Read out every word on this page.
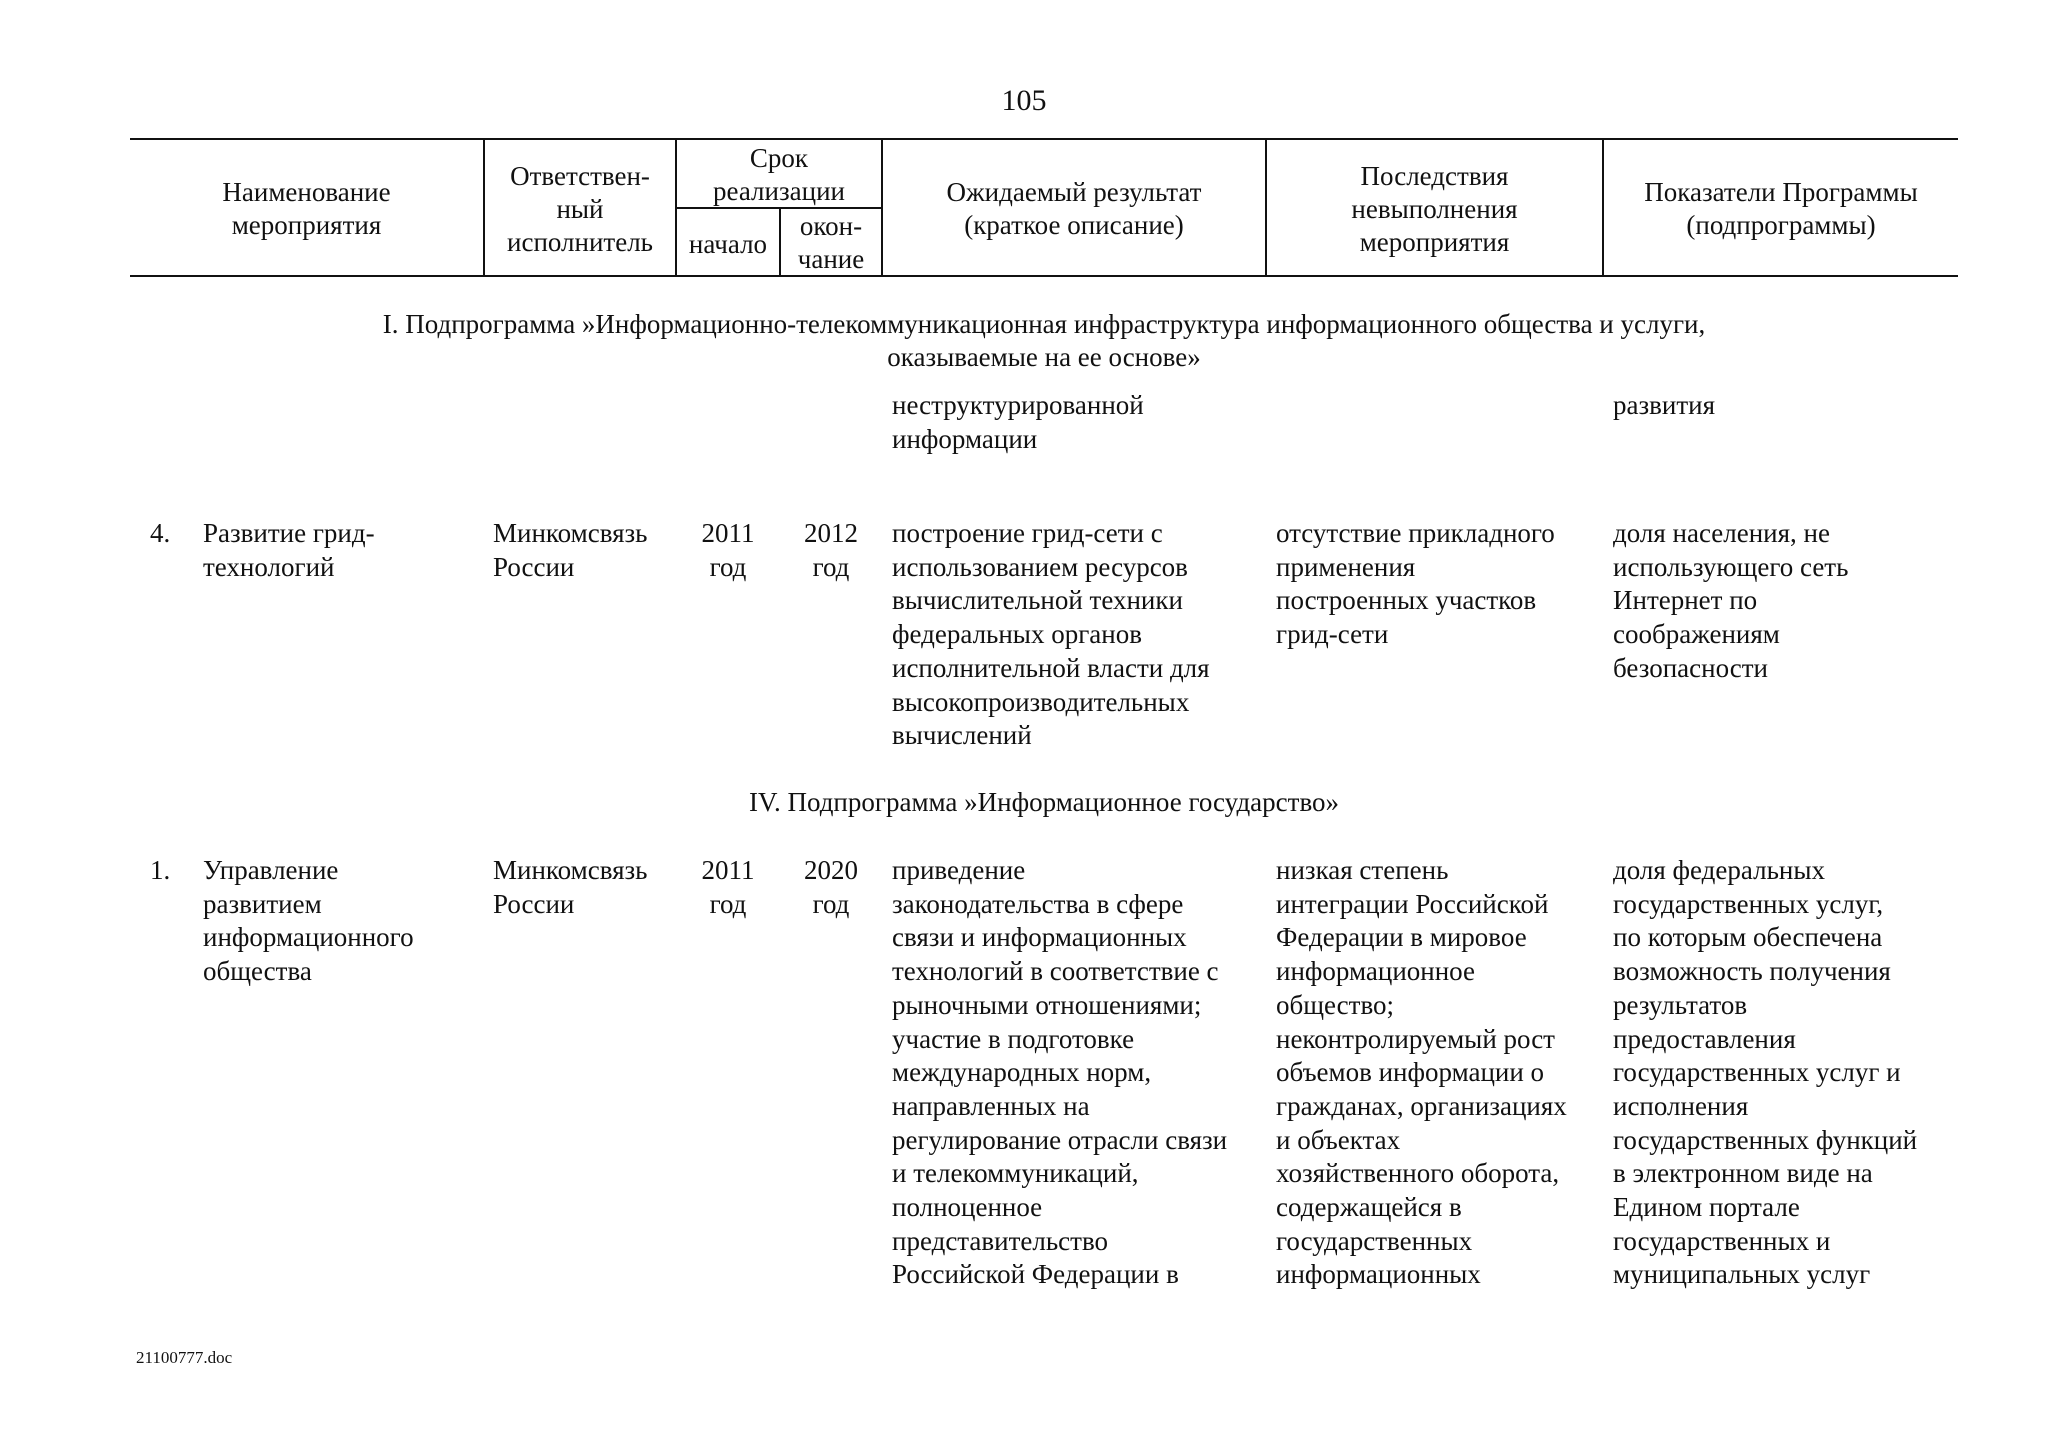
105
Наименование
мероприятия
Ответствен-
ный
исполнитель
Срок
реализации
начало
окон-
чание
Ожидаемый результат
(краткое описание)
Последствия
невыполнения
мероприятия
Показатели Программы
(подпрограммы)
I. Подпрограмма »Информационно-телекоммуникационная инфраструктура информационного общества и услуги,
оказываемые на ее основе»
неструктурированной
информации
развития
4. Развитие грид-
технологий
Минкомсвязь
России
2011
год
2012
год
построение грид-сети с
использованием ресурсов
вычислительной техники
федеральных органов
исполнительной власти для
высокопроизводительных
вычислений
отсутствие прикладного
применения
построенных участков
грид-сети
доля населения, не
использующего сеть
Интернет по
соображениям
безопасности
IV. Подпрограмма »Информационное государство»
1. Управление
развитием
информационного
общества
Минкомсвязь
России
2011
год
2020
год
приведение
законодательства в сфере
связи и информационных
технологий в соответствие с
рыночными отношениями;
участие в подготовке
международных норм,
направленных на
регулирование отрасли связи
и телекоммуникаций,
полноценное
представительство
Российской Федерации в
низкая степень
интеграции Российской
Федерации в мировое
информационное
общество;
неконтролируемый рост
объемов информации о
гражданах, организациях
и объектах
хозяйственного оборота,
содержащейся в
государственных
информационных
доля федеральных
государственных услуг,
по которым обеспечена
возможность получения
результатов
предоставления
государственных услуг и
исполнения
государственных функций
в электронном виде на
Едином портале
государственных и
муниципальных услуг
21100777.doc
